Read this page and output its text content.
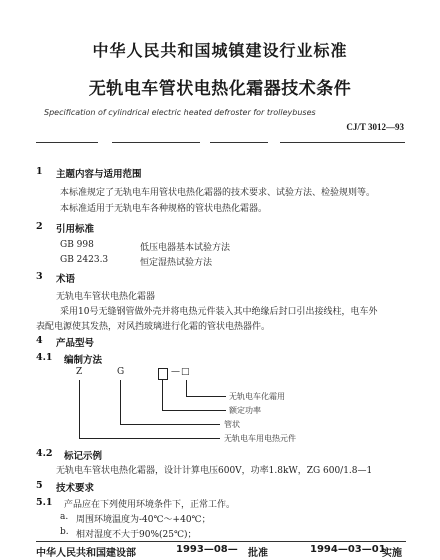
中华人民共和国城镇建设行业标准
无轨电车管状电热化霜器技术条件
Specification of cylindrical electric heated defroster for trolleybuses
CJ/T 3012—93
1 主题内容与适用范围
本标准规定了无轨电车用管状电热化霜器的技术要求、试验方法、检验规则等。
本标准适用于无轨电车各种规格的管状电热化霜器。
2 引用标准
GB 998	低压电器基本试验方法
GB 2423.3	恒定湿热试验方法
3 术语
无轨电车管状电热化霜器
采用10号无缝钢管做外壳并将电热元件装入其中绝缘后封口引出接线柱，电车外
表配电源使其发热，对风挡玻璃进行化霜的管状电热器件。
4 产品型号
4.1 编制方法
Z	G	— □
无轨电车化霜用
额定功率
管状
无轨电车用电热元件
4.2 标记示例
无轨电车管状电热化霜器，设计计算电压600V，功率1.8kW，ZG 600/1.8—1
5 技术要求
5.1 产品应在下列使用环境条件下，正常工作。
a. 周围环境温度为-40℃～+40℃；
b. 相对湿度不大于90%(25℃)；
中华人民共和国建设部	1993—08— 批准	1994—03—01
实施
